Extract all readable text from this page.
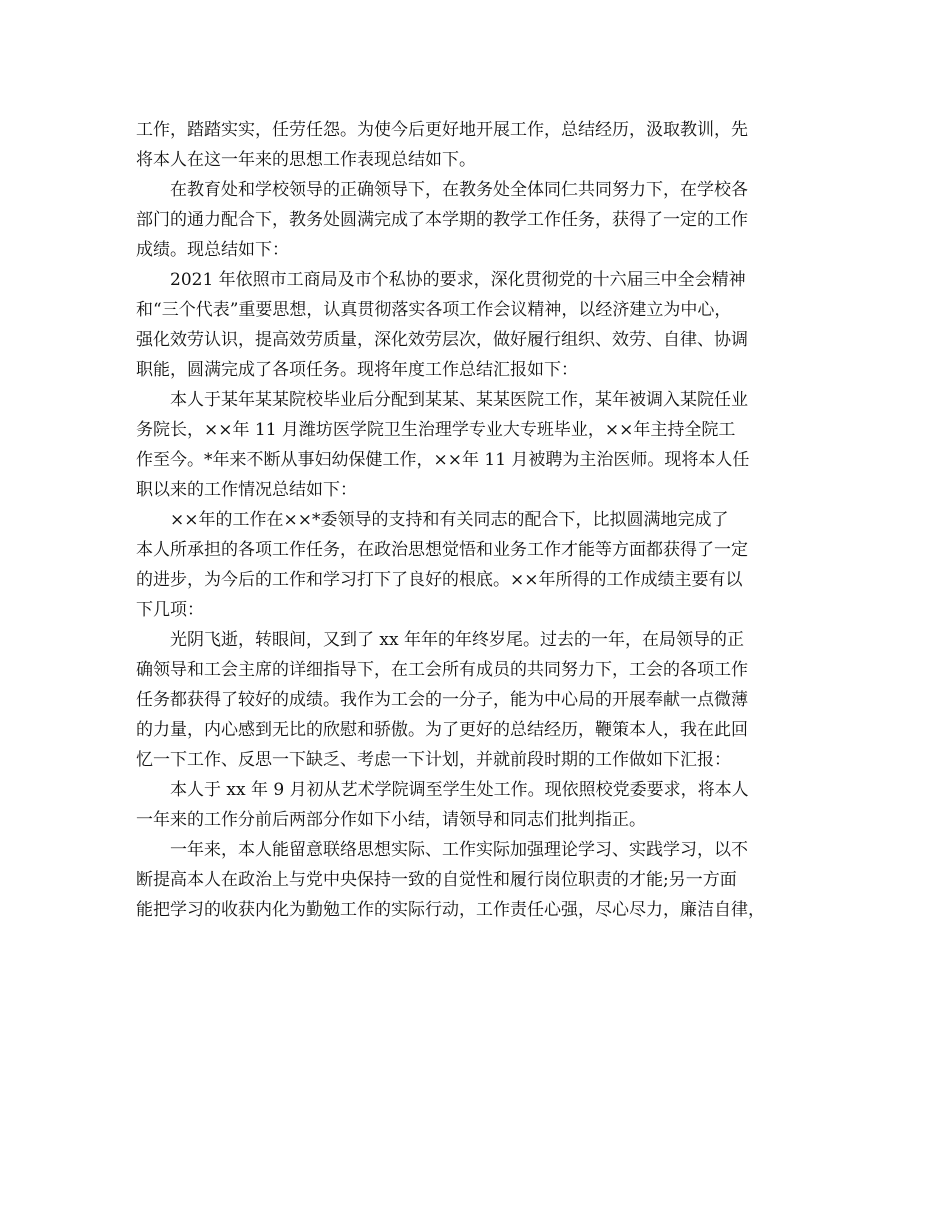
工作，踏踏实实，任劳任怨。为使今后更好地开展工作，总结经历，汲取教训，先
将本人在这一年来的思想工作表现总结如下。
　　在教育处和学校领导的正确领导下，在教务处全体同仁共同努力下，在学校各
部门的通力配合下，教务处圆满完成了本学期的教学工作任务，获得了一定的工作
成绩。现总结如下：
　　2021 年依照市工商局及市个私协的要求，深化贯彻党的十六届三中全会精神
和“三个代表”重要思想，认真贯彻落实各项工作会议精神，以经济建立为中心，
强化效劳认识，提高效劳质量，深化效劳层次，做好履行组织、效劳、自律、协调
职能，圆满完成了各项任务。现将年度工作总结汇报如下：
　　本人于某年某某院校毕业后分配到某某、某某医院工作，某年被调入某院任业
务院长，××年 11 月潍坊医学院卫生治理学专业大专班毕业，××年主持全院工
作至今。*年来不断从事妇幼保健工作，××年 11 月被聘为主治医师。现将本人任
职以来的工作情况总结如下：
　　××年的工作在××*委领导的支持和有关同志的配合下，比拟圆满地完成了
本人所承担的各项工作任务，在政治思想觉悟和业务工作才能等方面都获得了一定
的进步，为今后的工作和学习打下了良好的根底。××年所得的工作成绩主要有以
下几项：
　　光阴飞逝，转眼间，又到了 xx 年年的年终岁尾。过去的一年，在局领导的正
确领导和工会主席的详细指导下，在工会所有成员的共同努力下，工会的各项工作
任务都获得了较好的成绩。我作为工会的一分子，能为中心局的开展奉献一点微薄
的力量，内心感到无比的欣慰和骄傲。为了更好的总结经历，鞭策本人，我在此回
忆一下工作、反思一下缺乏、考虑一下计划，并就前段时期的工作做如下汇报：
　　本人于 xx 年 9 月初从艺术学院调至学生处工作。现依照校党委要求，将本人
一年来的工作分前后两部分作如下小结，请领导和同志们批判指正。
　　一年来，本人能留意联络思想实际、工作实际加强理论学习、实践学习，以不
断提高本人在政治上与党中央保持一致的自觉性和履行岗位职责的才能;另一方面
能把学习的收获内化为勤勉工作的实际行动，工作责任心强，尽心尽力，廉洁自律，
